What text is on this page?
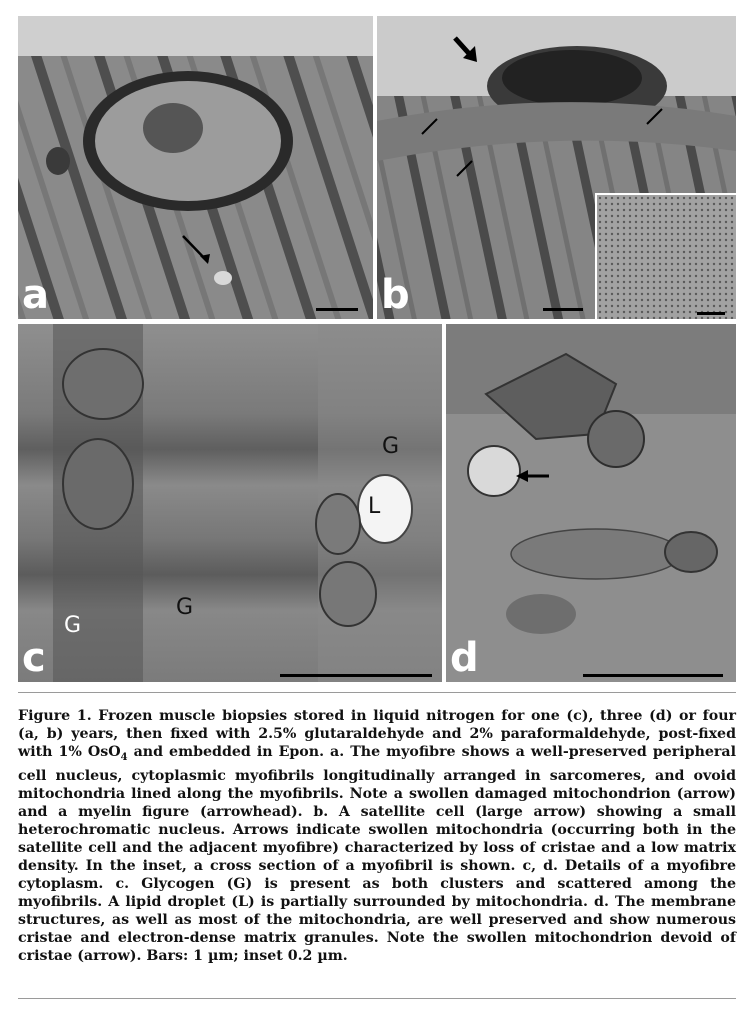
a	b
G
G
G
L
c	d
Figure 1. Frozen muscle biopsies stored in liquid nitrogen for one (c), three (d) or four (a, b) years, then fixed with 2.5% glutaraldehyde and 2% paraformaldehyde, post-fixed with 1% OsO$_4$ and embedded in Epon. a. The myofibre shows a well-preserved peripheral cell nucleus, cytoplasmic myofibrils longitudinally arranged in sarcomeres, and ovoid mitochondria lined along the myofibrils. Note a swollen damaged mitochondrion (arrow) and a myelin figure (arrowhead). b. A satellite cell (large arrow) showing a small heterochromatic nucleus. Arrows indicate swollen mitochondria (occurring both in the satellite cell and the adjacent myofibre) characterized by loss of cristae and a low matrix density. In the inset, a cross section of a myofibril is shown. c, d. Details of a myofibre cytoplasm. c. Glycogen (G) is present as both clusters and scattered among the myofibrils. A lipid droplet (L) is partially surrounded by mitochondria. d. The membrane structures, as well as most of the mitochondria, are well preserved and show numerous cristae and electron-dense matrix granules. Note the swollen mitochondrion devoid of cristae (arrow). Bars: 1 µm; inset 0.2 µm.
